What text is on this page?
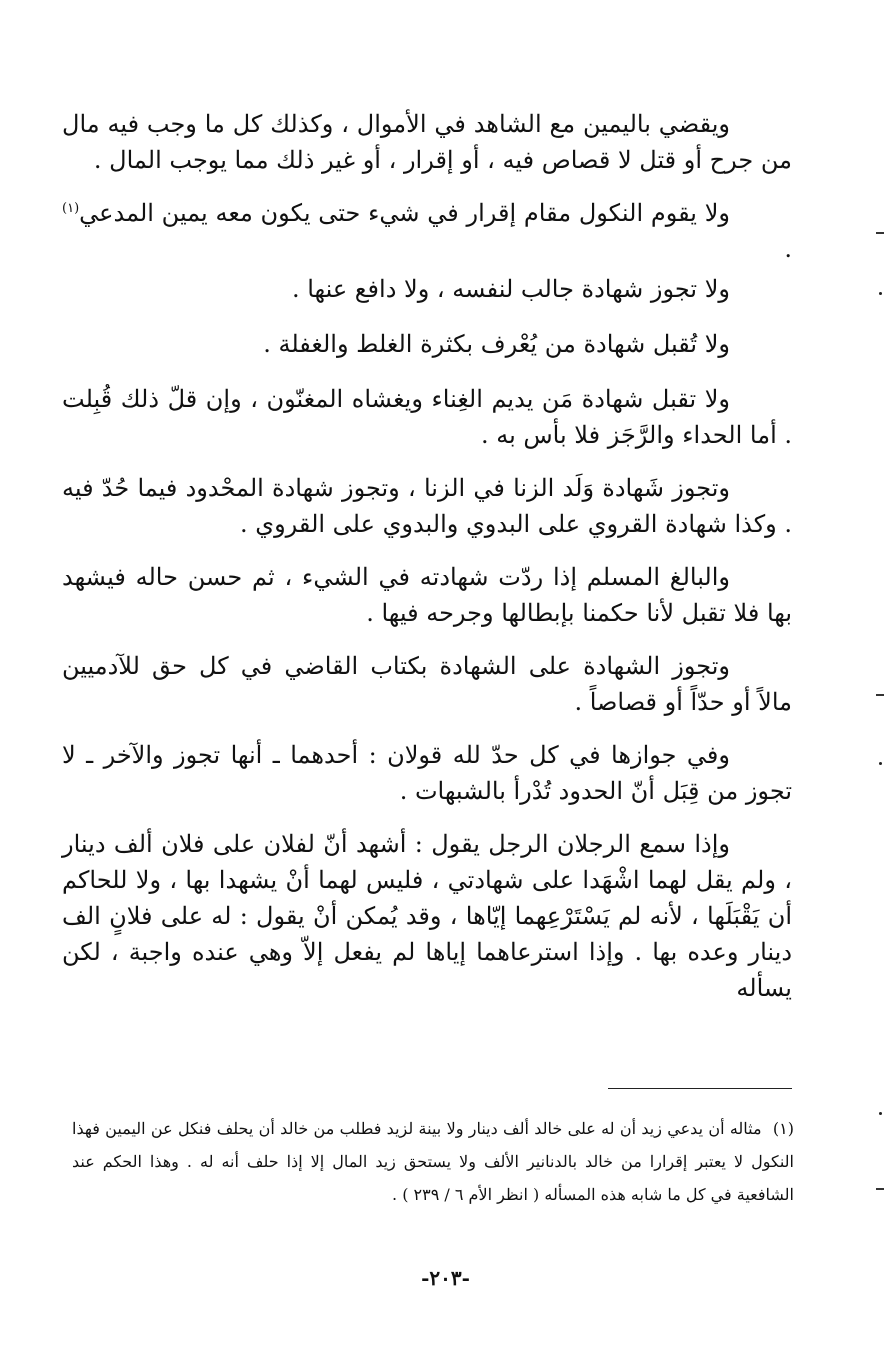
ويقضي باليمين مع الشاهد في الأموال ، وكذلك كل ما وجب فيه مال من جرح أو قتل لا قصاص فيه ، أو إقرار ، أو غير ذلك مما يوجب المال .

ولا يقوم النكول مقام إقرار في شيء حتى يكون معه يمين المدعي$^{(١)}$ .

ولا تجوز شهادة جالب لنفسه ، ولا دافع عنها .

ولا تُقبل شهادة من يُعْرف بكثرة الغلط والغفلة .

ولا تقبل شهادة مَن يديم الغِناء ويغشاه المغنّون ، وإن قلّ ذلك قُبِلت . أما الحداء والرَّجَز فلا بأس به .

وتجوز شَهادة وَلَد الزنا في الزنا ، وتجوز شهادة المحْدود فيما حُدّ فيه . وكذا شهادة القروي على البدوي والبدوي على القروي .

والبالغ المسلم إذا ردّت شهادته في الشيء ، ثم حسن حاله فيشهد بها فلا تقبل لأنا حكمنا بإبطالها وجرحه فيها .

وتجوز الشهادة على الشهادة بكتاب القاضي في كل حق للآدميين مالاً أو حدّاً أو قصاصاً .

وفي جوازها في كل حدّ لله قولان : أحدهما ـ أنها تجوز والآخر ـ لا تجوز من قِبَل أنّ الحدود تُدْرأ بالشبهات .

وإذا سمع الرجلان الرجل يقول : أشهد أنّ لفلان على فلان ألف دينار ، ولم يقل لهما اشْهَدا على شهادتي ، فليس لهما أنْ يشهدا بها ، ولا للحاكم أن يَقْبَلَها ، لأنه لم يَسْتَرْعِهما إيّاها ، وقد يُمكن أنْ يقول : له على فلانٍ الف دينار وعده بها . وإذا استرعاهما إياها لم يفعل إلاّ وهي عنده واجبة ، لكن يسأله

(١) مثاله أن يدعي زيد أن له على خالد ألف دينار ولا بينة لزيد فطلب من خالد أن يحلف فنكل عن اليمين فهذا النكول لا يعتبر إقرارا من خالد بالدنانير الألف ولا يستحق زيد المال إلا إذا حلف أنه له . وهذا الحكم عند الشافعية في كل ما شابه هذه المسأله ( انظر الأم ٦ / ٢٣٩ ) .
-٢٠٣-
